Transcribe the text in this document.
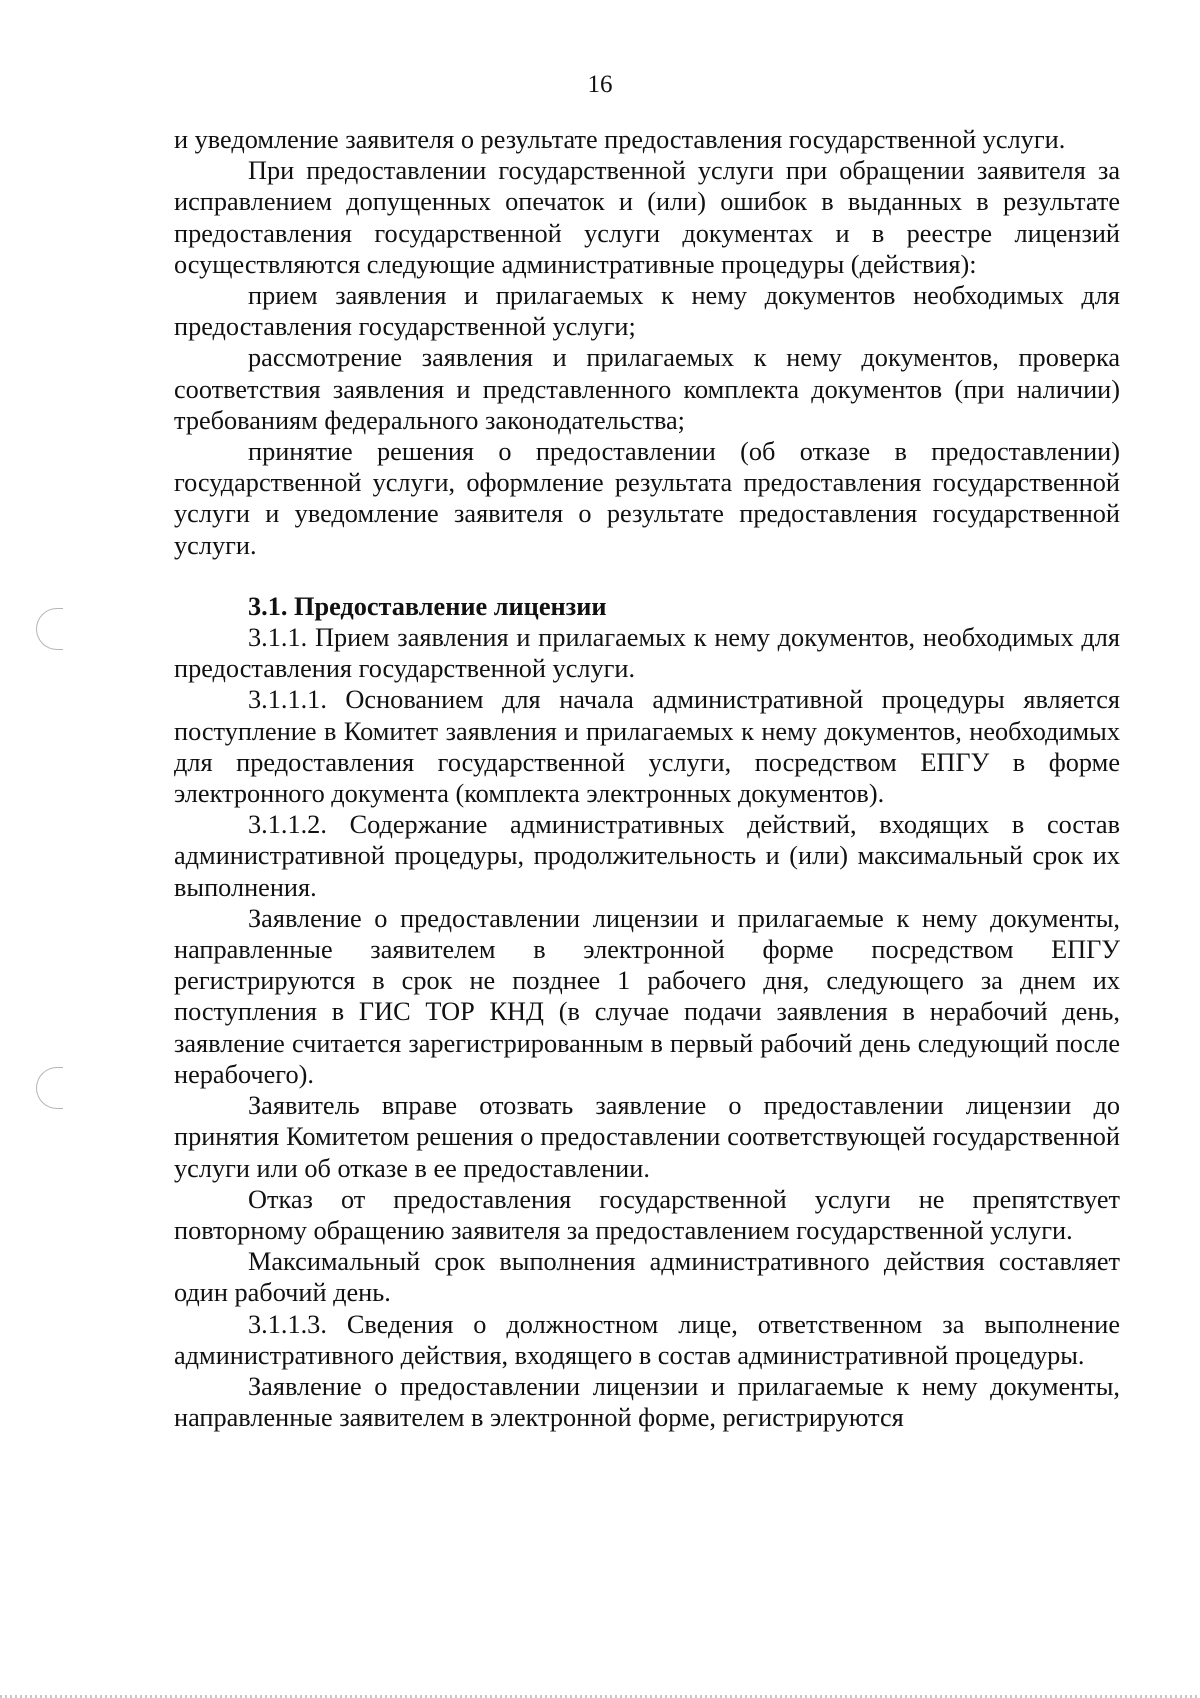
16

и уведомление заявителя о результате предоставления государственной услуги.

При предоставлении государственной услуги при обращении заявителя за исправлением допущенных опечаток и (или) ошибок в выданных в результате предоставления государственной услуги документах и в реестре лицензий осуществляются следующие административные процедуры (действия):

прием заявления и прилагаемых к нему документов необходимых для предоставления государственной услуги;

рассмотрение заявления и прилагаемых к нему документов, проверка соответствия заявления и представленного комплекта документов (при наличии) требованиям федерального законодательства;

принятие решения о предоставлении (об отказе в предоставлении) государственной услуги, оформление результата предоставления государственной услуги и уведомление заявителя о результате предоставления государственной услуги.

3.1. Предоставление лицензии

3.1.1. Прием заявления и прилагаемых к нему документов, необходимых для предоставления государственной услуги.

3.1.1.1. Основанием для начала административной процедуры является поступление в Комитет заявления и прилагаемых к нему документов, необходимых для предоставления государственной услуги, посредством ЕПГУ в форме электронного документа (комплекта электронных документов).

3.1.1.2. Содержание административных действий, входящих в состав административной процедуры, продолжительность и (или) максимальный срок их выполнения.

Заявление о предоставлении лицензии и прилагаемые к нему документы, направленные заявителем в электронной форме посредством ЕПГУ регистрируются в срок не позднее 1 рабочего дня, следующего за днем их поступления в ГИС ТОР КНД (в случае подачи заявления в нерабочий день, заявление считается зарегистрированным в первый рабочий день следующий после нерабочего).

Заявитель вправе отозвать заявление о предоставлении лицензии до принятия Комитетом решения о предоставлении соответствующей государственной услуги или об отказе в ее предоставлении.

Отказ от предоставления государственной услуги не препятствует повторному обращению заявителя за предоставлением государственной услуги.

Максимальный срок выполнения административного действия составляет один рабочий день.

3.1.1.3. Сведения о должностном лице, ответственном за выполнение административного действия, входящего в состав административной процедуры.

Заявление о предоставлении лицензии и прилагаемые к нему документы, направленные заявителем в электронной форме, регистрируются
